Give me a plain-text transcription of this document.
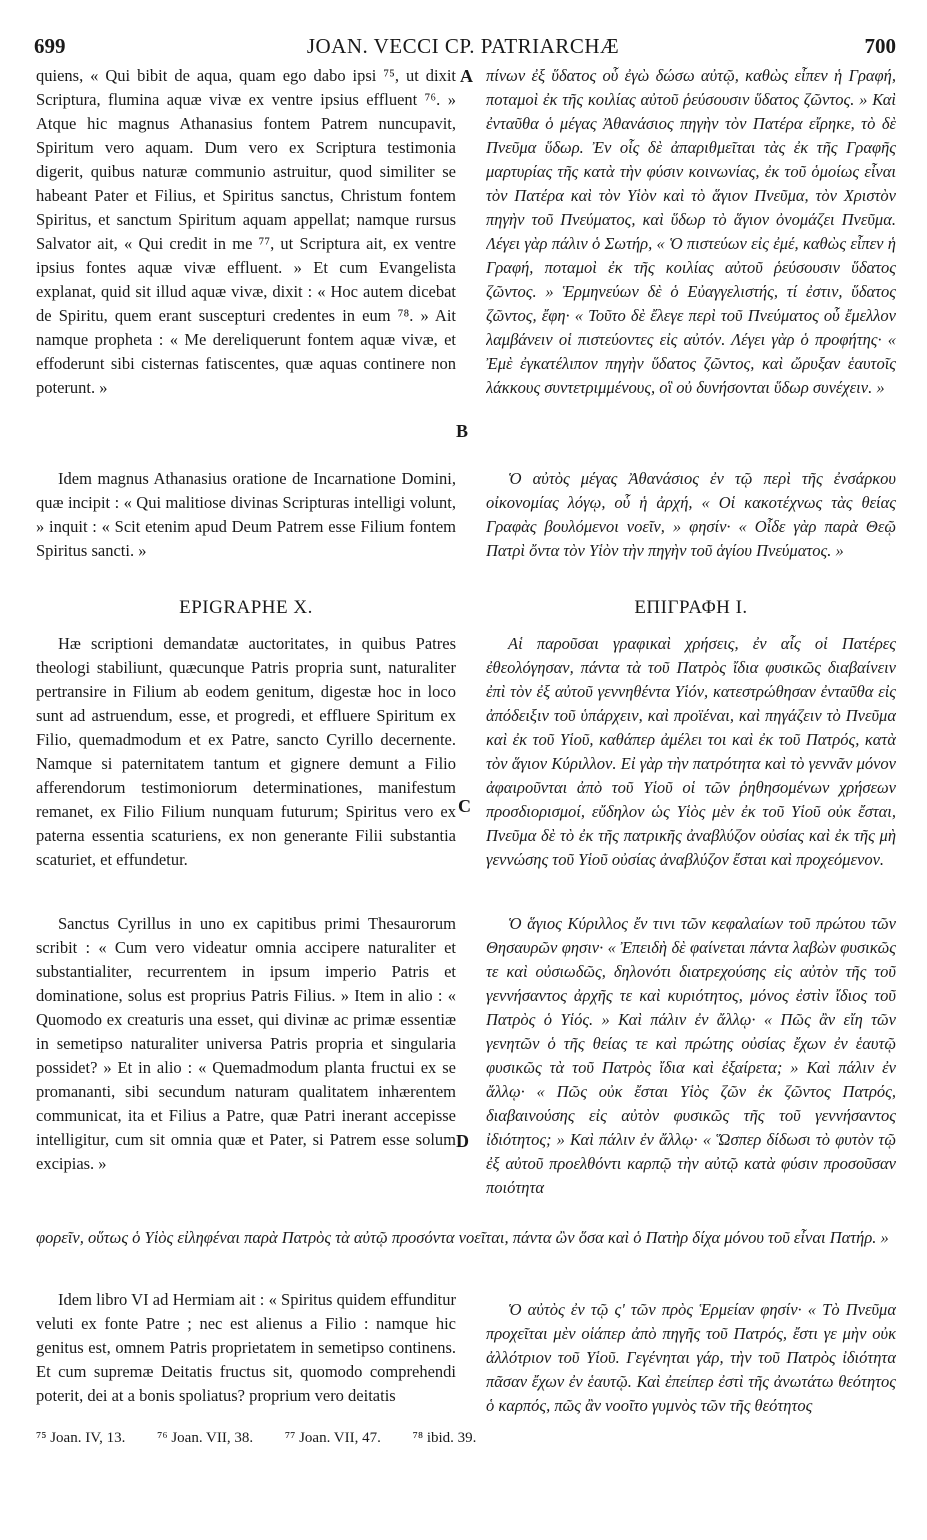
699	JOAN. VECCI CP. PATRIARCHÆ	700

quiens, « Qui bibit de aqua, quam ego dabo ipsi ⁷⁵, ut dixit Scriptura, flumina aquæ vivæ ex ventre ipsius effluent ⁷⁶. » Atque hic magnus Athanasius fontem Patrem nuncupavit, Spiritum vero aquam. Dum vero ex Scriptura testimonia digerit, quibus naturæ communio astruitur, quod similiter se habeant Pater et Filius, et Spiritus sanctus, Christum fontem Spiritus, et sanctum Spiritum aquam appellat; namque rursus Salvator ait, « Qui credit in me ⁷⁷, ut Scriptura ait, ex ventre ipsius fontes aquæ vivæ effluent. » Et cum Evangelista explanat, quid sit illud aquæ vivæ, dixit : « Hoc autem dicebat de Spiritu, quem erant suscepturi credentes in eum ⁷⁸. » Ait namque propheta : « Me dereliquerunt fontem aquæ vivæ, et effoderunt sibi cisternas fatiscentes, quæ aquas continere non poterunt. »

πίνων ἐξ ὕδατος οὗ ἐγὼ δώσω αὐτῷ, καθὼς εἶπεν ἡ Γραφή, ποταμοὶ ἐκ τῆς κοιλίας αὐτοῦ ῥεύσουσιν ὕδατος ζῶντος. » Καὶ ἐνταῦθα ὁ μέγας Ἀθανάσιος πηγὴν τὸν Πατέρα εἴρηκε, τὸ δὲ Πνεῦμα ὕδωρ. Ἐν οἷς δὲ ἀπαριθμεῖται τὰς ἐκ τῆς Γραφῆς μαρτυρίας τῆς κατὰ τὴν φύσιν κοινωνίας, ἐκ τοῦ ὁμοίως εἶναι τὸν Πατέρα καὶ τὸν Υἱὸν καὶ τὸ ἅγιον Πνεῦμα, τὸν Χριστὸν πηγὴν τοῦ Πνεύματος, καὶ ὕδωρ τὸ ἅγιον ὀνομάζει Πνεῦμα. Λέγει γὰρ πάλιν ὁ Σωτήρ, « Ὁ πιστεύων εἰς ἐμέ, καθὼς εἶπεν ἡ Γραφή, ποταμοὶ ἐκ τῆς κοιλίας αὐτοῦ ῥεύσουσιν ὕδατος ζῶντος. » Ἑρμηνεύων δὲ ὁ Εὐαγγελιστής, τί ἐστιν, ὕδατος ζῶντος, ἔφη· « Τοῦτο δὲ ἔλεγε περὶ τοῦ Πνεύματος οὗ ἔμελλον λαμβάνειν οἱ πιστεύοντες εἰς αὐτόν. Λέγει γὰρ ὁ προφήτης· « Ἐμὲ ἐγκατέλιπον πηγὴν ὕδατος ζῶντος, καὶ ὤρυξαν ἑαυτοῖς λάκκους συντετριμμένους, οἳ οὐ δυνήσονται ὕδωρ συνέχειν. »

A
B

Idem magnus Athanasius oratione de Incarnatione Domini, quæ incipit : « Qui malitiose divinas Scripturas intelligi volunt, » inquit : « Scit etenim apud Deum Patrem esse Filium fontem Spiritus sancti. »

Ὁ αὐτὸς μέγας Ἀθανάσιος ἐν τῷ περὶ τῆς ἐνσάρκου οἰκονομίας λόγῳ, οὗ ἡ ἀρχή, « Οἱ κακοτέχνως τὰς θείας Γραφὰς βουλόμενοι νοεῖν, » φησίν· « Οἶδε γὰρ παρὰ Θεῷ Πατρὶ ὄντα τὸν Υἱὸν τὴν πηγὴν τοῦ ἁγίου Πνεύματος. »

EPIGRAPHE X.	ΕΠΙΓΡΑΦΗ Ι.

Hæ scriptioni demandatæ auctoritates, in quibus Patres theologi stabiliunt, quæcunque Patris propria sunt, naturaliter pertransire in Filium ab eodem genitum, digestæ hoc in loco sunt ad astruendum, esse, et progredi, et effluere Spiritum ex Filio, quemadmodum et ex Patre, sancto Cyrillo decernente. Namque si paternitatem tantum et gignere demunt a Filio afferendorum testimoniorum determinationes, manifestum remanet, ex Filio Filium nunquam futurum; Spiritus vero ex paterna essentia scaturiens, ex non generante Filii substantia scaturiet, et effundetur.

Αἱ παροῦσαι γραφικαὶ χρήσεις, ἐν αἷς οἱ Πατέρες ἐθεολόγησαν, πάντα τὰ τοῦ Πατρὸς ἴδια φυσικῶς διαβαίνειν ἐπὶ τὸν ἐξ αὐτοῦ γεννηθέντα Υἱόν, κατεστρώθησαν ἐνταῦθα εἰς ἀπόδειξιν τοῦ ὑπάρχειν, καὶ προϊέναι, καὶ πηγάζειν τὸ Πνεῦμα καὶ ἐκ τοῦ Υἱοῦ, καθάπερ ἀμέλει τοι καὶ ἐκ τοῦ Πατρός, κατὰ τὸν ἅγιον Κύριλλον. Εἰ γὰρ τὴν πατρότητα καὶ τὸ γεννᾶν μόνον ἀφαιροῦνται ἀπὸ τοῦ Υἱοῦ οἱ τῶν ῥηθησομένων χρήσεων προσδιορισμοί, εὔδηλον ὡς Υἱὸς μὲν ἐκ τοῦ Υἱοῦ οὐκ ἔσται, Πνεῦμα δὲ τὸ ἐκ τῆς πατρικῆς ἀναβλύζον οὐσίας καὶ ἐκ τῆς μὴ γεννώσης τοῦ Υἱοῦ οὐσίας ἀναβλύζον ἔσται καὶ προχεόμενον.

C

Sanctus Cyrillus in uno ex capitibus primi Thesaurorum scribit : « Cum vero videatur omnia accipere naturaliter et substantialiter, recurrentem in ipsum imperio Patris et dominatione, solus est proprius Patris Filius. » Item in alio : « Quomodo ex creaturis una esset, qui divinæ ac primæ essentiæ in semetipso naturaliter universa Patris propria et singularia possidet? » Et in alio : « Quemadmodum planta fructui ex se promananti, sibi secundum naturam qualitatem inhærentem communicat, ita et Filius a Patre, quæ Patri inerant accepisse intelligitur, cum sit omnia quæ et Pater, si Patrem esse solum excipias. »

Ὁ ἅγιος Κύριλλος ἔν τινι τῶν κεφαλαίων τοῦ πρώτου τῶν Θησαυρῶν φησιν· « Ἐπειδὴ δὲ φαίνεται πάντα λαβὼν φυσικῶς τε καὶ οὐσιωδῶς, δηλονότι διατρεχούσης εἰς αὐτὸν τῆς τοῦ γεννήσαντος ἀρχῆς τε καὶ κυριότητος, μόνος ἐστὶν ἴδιος τοῦ Πατρὸς ὁ Υἱός. » Καὶ πάλιν ἐν ἄλλῳ· « Πῶς ἂν εἴη τῶν γενητῶν ὁ τῆς θείας τε καὶ πρώτης οὐσίας ἔχων ἐν ἑαυτῷ φυσικῶς τὰ τοῦ Πατρὸς ἴδια καὶ ἐξαίρετα; » Καὶ πάλιν ἐν ἄλλῳ· « Πῶς οὐκ ἔσται Υἱὸς ζῶν ἐκ ζῶντος Πατρός, διαβαινούσης εἰς αὐτὸν φυσικῶς τῆς τοῦ γεννήσαντος ἰδιότητος; » Καὶ πάλιν ἐν ἄλλῳ· « Ὥσπερ δίδωσι τὸ φυτὸν τῷ ἐξ αὐτοῦ προελθόντι καρπῷ τὴν αὐτῷ κατὰ φύσιν προσοῦσαν ποιότητα

D

φορεῖν, οὕτως ὁ Υἱὸς εἰληφέναι παρὰ Πατρὸς τὰ αὐτῷ προσόντα νοεῖται, πάντα ὢν ὅσα καὶ ὁ Πατὴρ δίχα μόνου τοῦ εἶναι Πατήρ. »

Idem libro VI ad Hermiam ait : « Spiritus quidem effunditur veluti ex fonte Patre ; nec est alienus a Filio : namque hic genitus est, omnem Patris proprietatem in semetipso continens. Et cum supremæ Deitatis fructus sit, quomodo comprehendi poterit, dei at a bonis spoliatus? proprium vero deitatis

Ὁ αὐτὸς ἐν τῷ ς' τῶν πρὸς Ἑρμείαν φησίν· « Τὸ Πνεῦμα προχεῖται μὲν οἱάπερ ἀπὸ πηγῆς τοῦ Πατρός, ἔστι γε μὴν οὐκ ἀλλότριον τοῦ Υἱοῦ. Γεγένηται γάρ, τὴν τοῦ Πατρὸς ἰδιότητα πᾶσαν ἔχων ἐν ἑαυτῷ. Καὶ ἐπείπερ ἐστὶ τῆς ἀνωτάτω θεότητος ὁ καρπός, πῶς ἂν νοοῖτο γυμνὸς τῶν τῆς θεότητος

⁷⁵ Joan. IV, 13. ⁷⁶ Joan. VII, 38. ⁷⁷ Joan. VII, 47. ⁷⁸ ibid. 39.
